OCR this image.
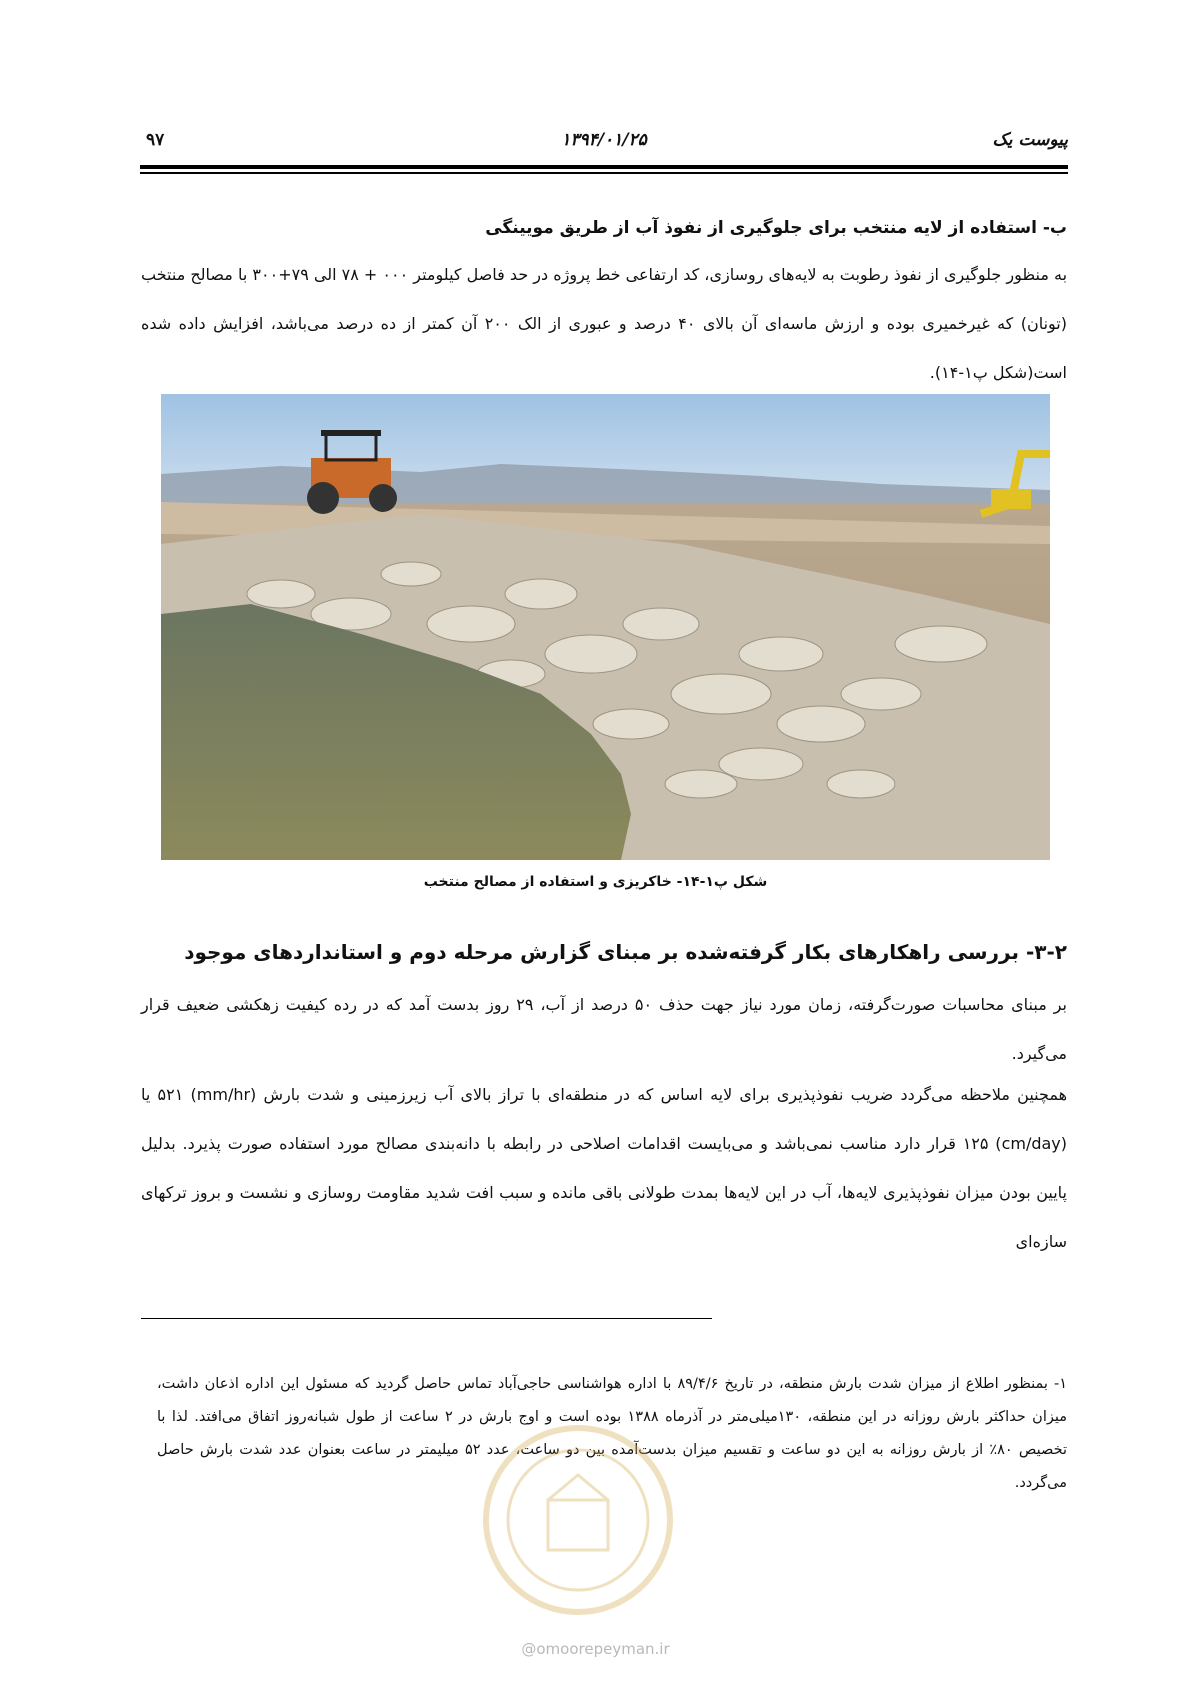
پیوست یک
۱۳۹۴/۰۱/۲۵
۹۷
ب- استفاده از لایه منتخب برای جلوگیری از نفوذ آب از طریق مویینگی
به منظور جلوگیری از نفوذ رطوبت به لایه‌های روسازی، کد ارتفاعی خط پروژه در حد فاصل کیلومتر ۰۰۰ + ۷۸ الی ۷۹+۳۰۰ با مصالح منتخب (تونان) که غیرخمیری بوده و ارزش ماسه‌ای آن بالای ۴۰ درصد و عبوری از الک ۲۰۰ آن کمتر از ده درصد می‌باشد، افزایش داده شده است(شکل پ۱-۱۴).
شکل پ۱-۱۴- خاکریزی و استفاده از مصالح منتخب
۳-۲- بررسی راهکارهای بکار گرفته‌شده بر مبنای گزارش مرحله دوم و استانداردهای موجود
بر مبنای محاسبات صورت‌گرفته، زمان مورد نیاز جهت حذف ۵۰ درصد از آب، ۲۹ روز بدست آمد که در رده کیفیت زهکشی ضعیف قرار می‌گیرد.
همچنین ملاحظه می‌گردد ضریب نفوذپذیری برای لایه اساس که در منطقه‌ای با تراز بالای آب زیرزمینی و شدت بارش (mm/hr) ۵۲۱ یا (cm/day) ۱۲۵ قرار دارد مناسب نمی‌باشد و می‌بایست اقدامات اصلاحی در رابطه با دانه‌بندی مصالح مورد استفاده صورت پذیرد. بدلیل پایین بودن میزان نفوذپذیری لایه‌ها، آب در این لایه‌ها بمدت طولانی باقی مانده و سبب افت شدید مقاومت روسازی و نشست و بروز ترکهای سازه‌ای
۱- بمنظور اطلاع از میزان شدت بارش منطقه، در تاریخ ۸۹/۴/۶ با اداره هواشناسی حاجی‌آباد تماس حاصل گردید که مسئول این اداره اذعان داشت، میزان حداکثر بارش روزانه در این منطقه، ۱۳۰میلی‌متر در آذرماه ۱۳۸۸ بوده است و اوج بارش در ۲ ساعت از طول شبانه‌روز اتفاق می‌افتد. لذا با تخصیص ۸۰٪ از بارش روزانه به این دو ساعت و تقسیم میزان بدست‌آمده بین دو ساعت، عدد ۵۲ میلیمتر در ساعت بعنوان عدد شدت بارش حاصل می‌گردد.
@omoorepeyman.ir
